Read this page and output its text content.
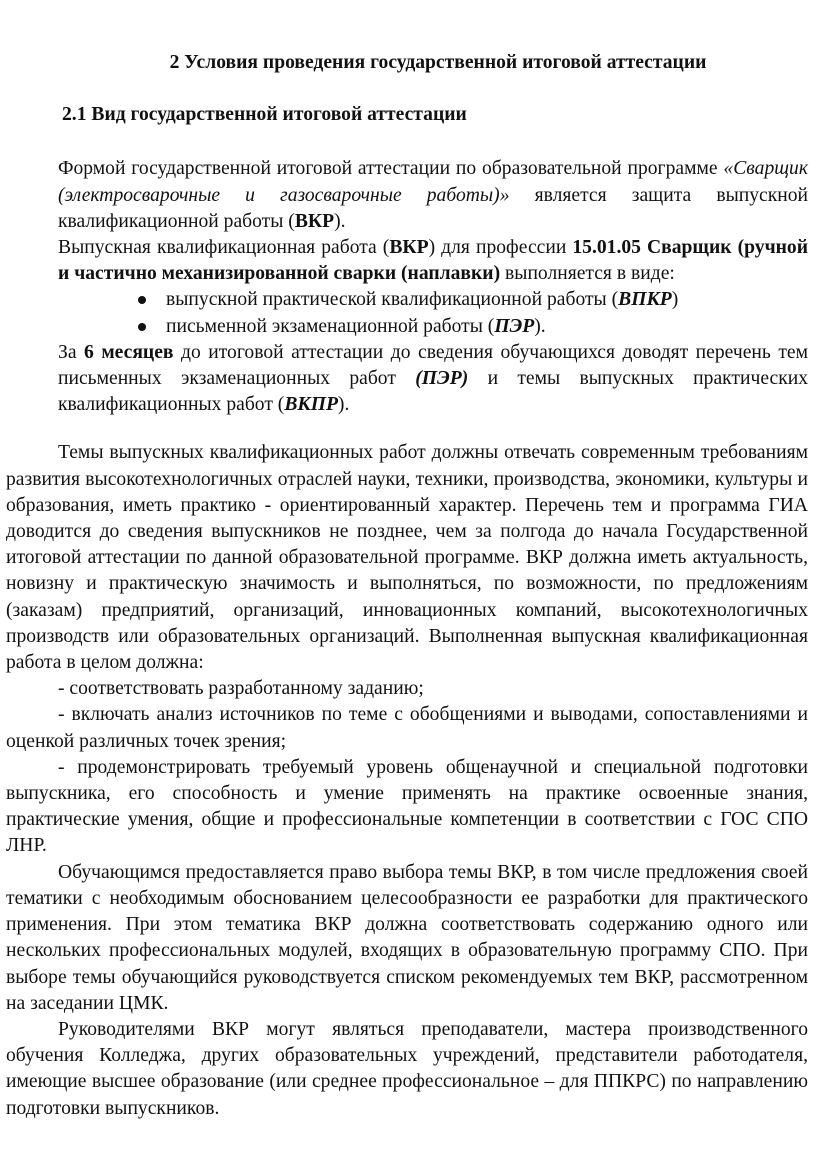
2 Условия проведения государственной итоговой аттестации
2.1 Вид государственной итоговой аттестации

Формой государственной итоговой аттестации по образовательной программе «Сварщик (электросварочные и газосварочные работы)» является защита выпускной квалификационной работы (ВКР).

Выпускная квалификационная работа (ВКР) для профессии 15.01.05 Сварщик (ручной и частично механизированной сварки (наплавки) выполняется в виде:

выпускной практической квалификационной работы (ВПКР)
письменной экзаменационной работы (ПЭР).

За 6 месяцев до итоговой аттестации до сведения обучающихся доводят перечень тем письменных экзаменационных работ (ПЭР) и темы выпускных практических квалификационных работ (ВКПР).

Темы выпускных квалификационных работ должны отвечать современным требованиям развития высокотехнологичных отраслей науки, техники, производства, экономики, культуры и образования, иметь практико - ориентированный характер. Перечень тем и программа ГИА доводится до сведения выпускников не позднее, чем за полгода до начала Государственной итоговой аттестации по данной образовательной программе. ВКР должна иметь актуальность, новизну и практическую значимость и выполняться, по возможности, по предложениям (заказам) предприятий, организаций, инновационных компаний, высокотехнологичных производств или образовательных организаций. Выполненная выпускная квалификационная работа в целом должна:

- соответствовать разработанному заданию;

- включать анализ источников по теме с обобщениями и выводами, сопоставлениями и оценкой различных точек зрения;

- продемонстрировать требуемый уровень общенаучной и специальной подготовки выпускника, его способность и умение применять на практике освоенные знания, практические умения, общие и профессиональные компетенции в соответствии с ГОС СПО ЛНР.

Обучающимся предоставляется право выбора темы ВКР, в том числе предложения своей тематики с необходимым обоснованием целесообразности ее разработки для практического применения. При этом тематика ВКР должна соответствовать содержанию одного или нескольких профессиональных модулей, входящих в образовательную программу СПО. При выборе темы обучающийся руководствуется списком рекомендуемых тем ВКР, рассмотренном на заседании ЦМК.

Руководителями ВКР могут являться преподаватели, мастера производственного обучения Колледжа, других образовательных учреждений, представители работодателя, имеющие высшее образование (или среднее профессиональное – для ППКРС) по направлению подготовки выпускников.
